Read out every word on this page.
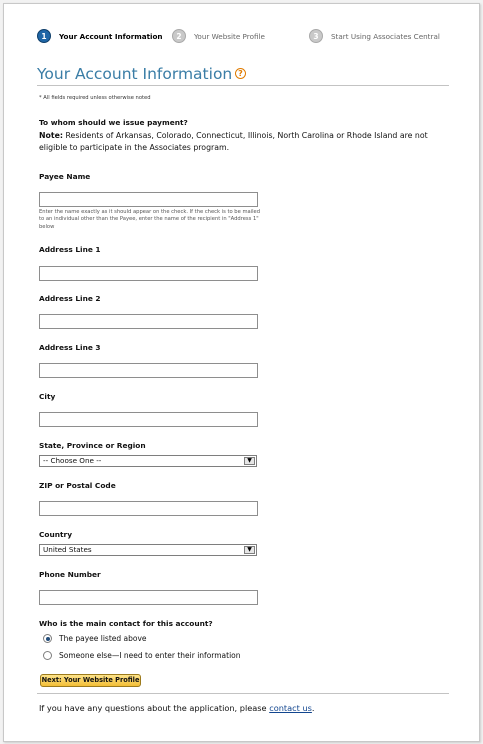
1	Your Account Information	2	Your Website Profile	3	Start Using Associates Central
Your Account Information ?
* All fields required unless otherwise noted
To whom should we issue payment?
Note: Residents of Arkansas, Colorado, Connecticut, Illinois, North Carolina or Rhode Island are not eligible to participate in the Associates program.
Payee Name
Enter the name exactly as it should appear on the check. If the check is to be mailed to an individual other than the Payee, enter the name of the recipient in "Address 1" below
Address Line 1
Address Line 2
Address Line 3
City
State, Province or Region
-- Choose One --	▼
ZIP or Postal Code
Country
United States	▼
Phone Number
Who is the main contact for this account?
The payee listed above
Someone else—I need to enter their information
Next: Your Website Profile
If you have any questions about the application, please contact us.
